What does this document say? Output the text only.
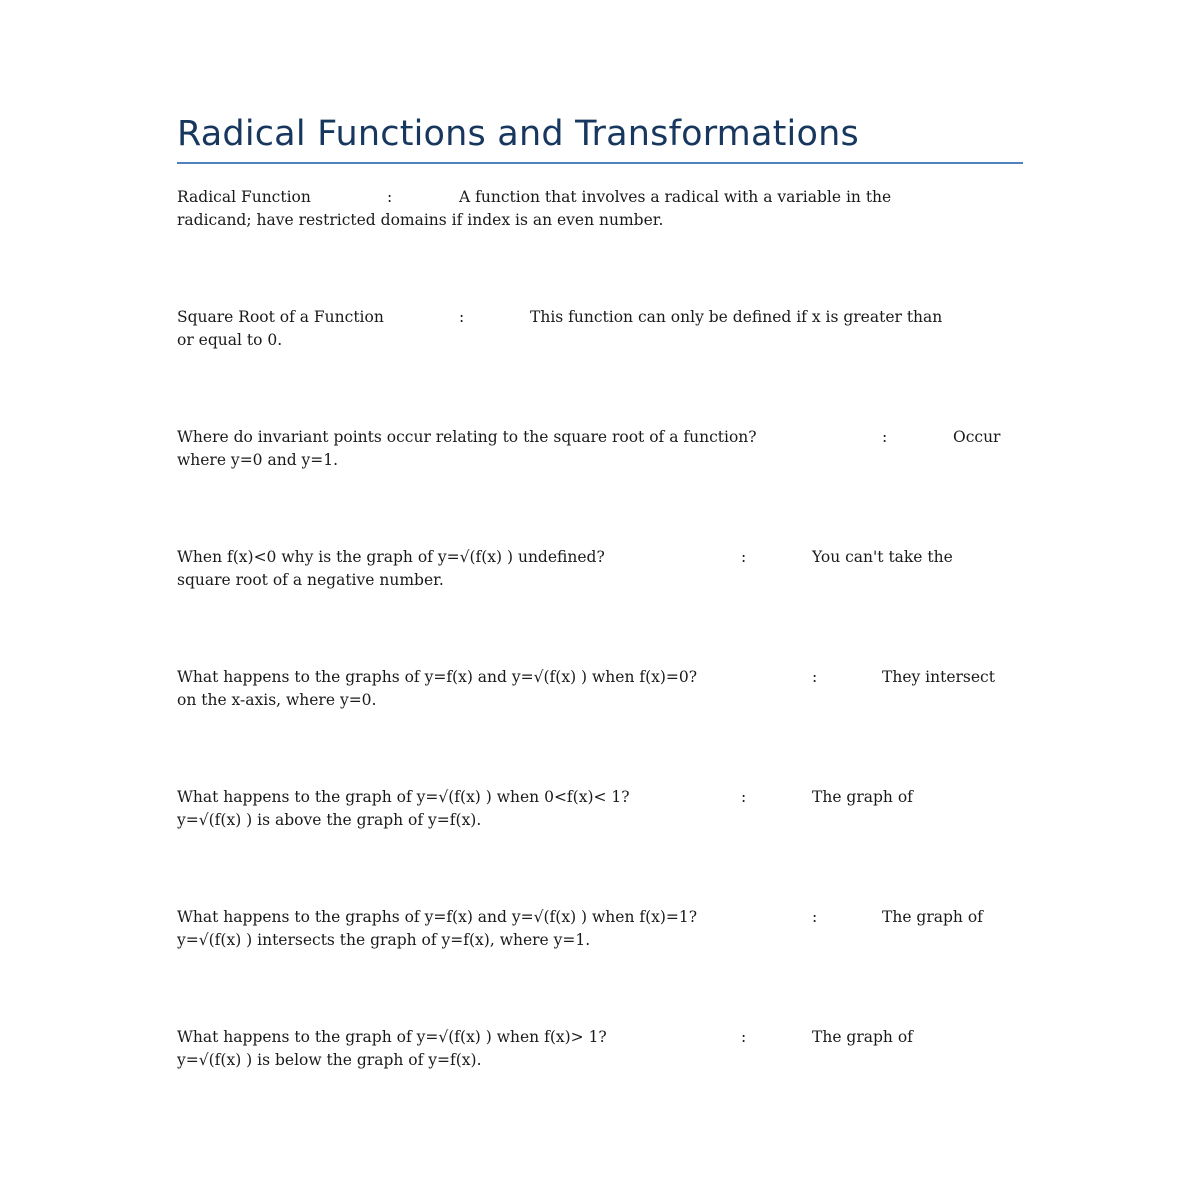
Radical Functions and Transformations
Radical Function	:	A function that involves a radical with a variable in the
radicand; have restricted domains if index is an even number.
Square Root of a Function	:	This function can only be defined if x is greater than
or equal to 0.
Where do invariant points occur relating to the square root of a function?	:	Occur
where y=0 and y=1.
When f(x)<0 why is the graph of y=√(f(x) ) undefined?	:	You can't take the
square root of a negative number.
What happens to the graphs of y=f(x) and y=√(f(x) ) when f(x)=0?	:	They intersect
on the x-axis, where y=0.
What happens to the graph of y=√(f(x) ) when 0<f(x)< 1?	:	The graph of
y=√(f(x) ) is above the graph of y=f(x).
What happens to the graphs of y=f(x) and y=√(f(x) ) when f(x)=1?	:	The graph of
y=√(f(x) ) intersects the graph of y=f(x), where y=1.
What happens to the graph of y=√(f(x) ) when f(x)> 1?	:	The graph of
y=√(f(x) ) is below the graph of y=f(x).
